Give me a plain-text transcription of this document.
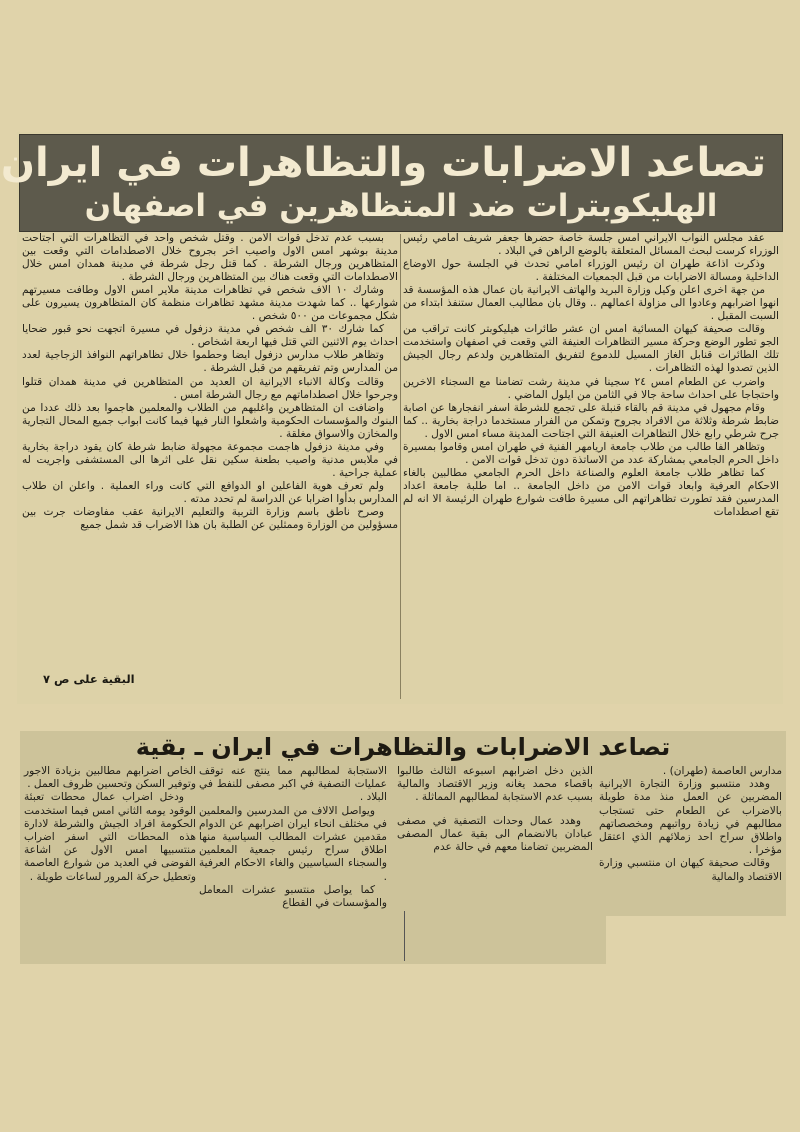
تصاعد الاضرابات والتظاهرات في ايران
الهليكوبترات ضد المتظاهرين في اصفهان

عقد مجلس النواب الايراني امس جلسة خاصة حضرها جعفر شريف امامي رئيس الوزراء كرست لبحث المسائل المتعلقة بالوضع الراهن في البلاد .

وذكرت اذاعة طهران ان رئيس الوزراء امامي تحدث في الجلسة حول الاوضاع الداخلية ومسالة الاضرابات من قبل الجمعيات المختلفة .

من جهة اخرى اعلن وكيل وزارة البريد والهاتف الايرانية بان عمال هذه المؤسسة قد انهوا اضرابهم وعادوا الى مزاولة اعمالهم .. وقال بان مطاليب العمال ستنفذ ابتداء من السبت المقبل .

وقالت صحيفة كيهان المسائية امس ان عشر طائرات هيليكوبتر كانت تراقب من الجو تطور الوضع وحركة مسير التظاهرات العنيفة التي وقعت في اصفهان واستخدمت تلك الطائرات قنابل الغاز المسيل للدموع لتفريق المتظاهرين ولدعم رجال الجيش الذين تصدوا لهذه التظاهرات .

واضرب عن الطعام امس ٢٤ سجينا في مدينة رشت تضامنا مع السجناء الاخرين واحتجاجا على احداث ساحة جالا في الثامن من ايلول الماضي .

وقام مجهول في مدينة قم بالقاء قنبلة على تجمع للشرطة اسفر انفجارها عن اصابة ضابط شرطة وثلاثة من الافراد بجروح وتمكن من الفرار مستخدما دراجة بخارية .. كما جرح شرطي رابع خلال التظاهرات العنيفة التي اجتاحت المدينة مساء امس الاول .

وتظاهر الفا طالب من طلاب جامعة اريامهر الفنية في طهران امس وقاموا بمسيرة داخل الحرم الجامعي بمشاركة عدد من الاساتذة دون تدخل قوات الامن .

كما تظاهر طلاب جامعة العلوم والصناعة داخل الحرم الجامعي مطالبين بالغاء الاحكام العرفية وابعاد قوات الامن من داخل الجامعة .. اما طلبة جامعة اعداد المدرسين فقد تطورت تظاهراتهم الى مسيرة طافت شوارع طهران الرئيسة الا انه لم تقع اصطدامات

بسبب عدم تدخل قوات الامن . وقتل شخص واحد في التظاهرات التي اجتاحت مدينة بوشهر امس الاول واصيب اخر بجروح خلال الاصطدامات التي وقعت بين المتظاهرين ورجال الشرطة . كما قتل رجل شرطة في مدينة همدان امس خلال الاصطدامات التي وقعت هناك بين المتظاهرين ورجال الشرطة .

وشارك ١٠ الاف شخص في تظاهرات مدينة ملاير امس الاول وطافت مسيرتهم شوارعها .. كما شهدت مدينة مشهد تظاهرات منظمة كان المتظاهرون يسيرون على شكل مجموعات من ٥٠٠ شخص .

كما شارك ٣٠ الف شخص في مدينة دزفول في مسيرة اتجهت نحو قبور ضحايا احداث يوم الاثنين التي قتل فيها اربعة اشخاص .

وتظاهر طلاب مدارس دزفول ايضا وحطموا خلال تظاهراتهم النوافذ الزجاجية لعدد من المدارس وتم تفريقهم من قبل الشرطة .

وقالت وكالة الانباء الايرانية ان العديد من المتظاهرين في مدينة همدان قتلوا وجرحوا خلال اصطداماتهم مع رجال الشرطة امس .

واضافت ان المتظاهرين واغلبهم من الطلاب والمعلمين هاجموا بعد ذلك عددا من البنوك والمؤسسات الحكومية واشعلوا النار فيها فيما كانت ابواب جميع المحال التجارية والمخازن والاسواق مغلقة .

وفي مدينة دزفول هاجمت مجموعة مجهولة ضابط شرطة كان يقود دراجة بخارية في ملابس مدنية واصيب بطعنة سكين نقل على اثرها الى المستشفى واجريت له عملية جراحية .

ولم تعرف هوية الفاعلين او الدوافع التي كانت وراء العملية . واعلن ان طلاب المدارس بدأوا اضرابا عن الدراسة لم تحدد مدته .

وصرح ناطق باسم وزارة التربية والتعليم الايرانية عقب مفاوضات جرت بين مسؤولين من الوزارة وممثلين عن الطلبة بان هذا الاضراب قد شمل جميع

البقية على ص ٧
تصاعد الاضرابات والتظاهرات في ايران ـ بقية

مدارس العاصمة (طهران) .

وهدد منتسبو وزارة التجارة الايرانية المضربين عن العمل منذ مدة طويلة بالاضراب عن الطعام حتى تستجاب مطالبهم في زيادة رواتبهم ومخصصاتهم واطلاق سراح احد زملائهم الذي اعتقل مؤخرا .

وقالت صحيفة كيهان ان منتسبي وزارة الاقتصاد والمالية

الذين دخل اضرابهم اسبوعه الثالث طالبوا باقصاء محمد يغانه وزير الاقتصاد والمالية بسبب عدم الاستجابة لمطالبهم المماثلة .

وهدد عمال وحدات التصفية في مصفى عبادان بالانضمام الى بقية عمال المصفى المضربين تضامنا معهم في حالة عدم

الاستجابة لمطالبهم مما ينتج عنه توقف عمليات التصفية في اكبر مصفى للنفط في البلاد .

ويواصل الالاف من المدرسين والمعلمين في مختلف انحاء ايران اضرابهم عن الدوام مقدمين عشرات المطالب السياسية منها اطلاق سراح رئيس جمعية المعلمين والسجناء السياسيين والغاء الاحكام العرفية .

كما يواصل منتسبو عشرات المعامل والمؤسسات في القطاع

الخاص اضرابهم مطالبين بزيادة الاجور وتوفير السكن وتحسين ظروف العمل .

ودخل اضراب عمال محطات تعبئة الوقود يومه الثاني امس فيما استخدمت الحكومة افراد الجيش والشرطة لادارة هذه المحطات التي اسفر اضراب منتسبيها امس الاول عن اشاعة الفوضى في العديد من شوارع العاصمة وتعطيل حركة المرور لساعات طويلة .
